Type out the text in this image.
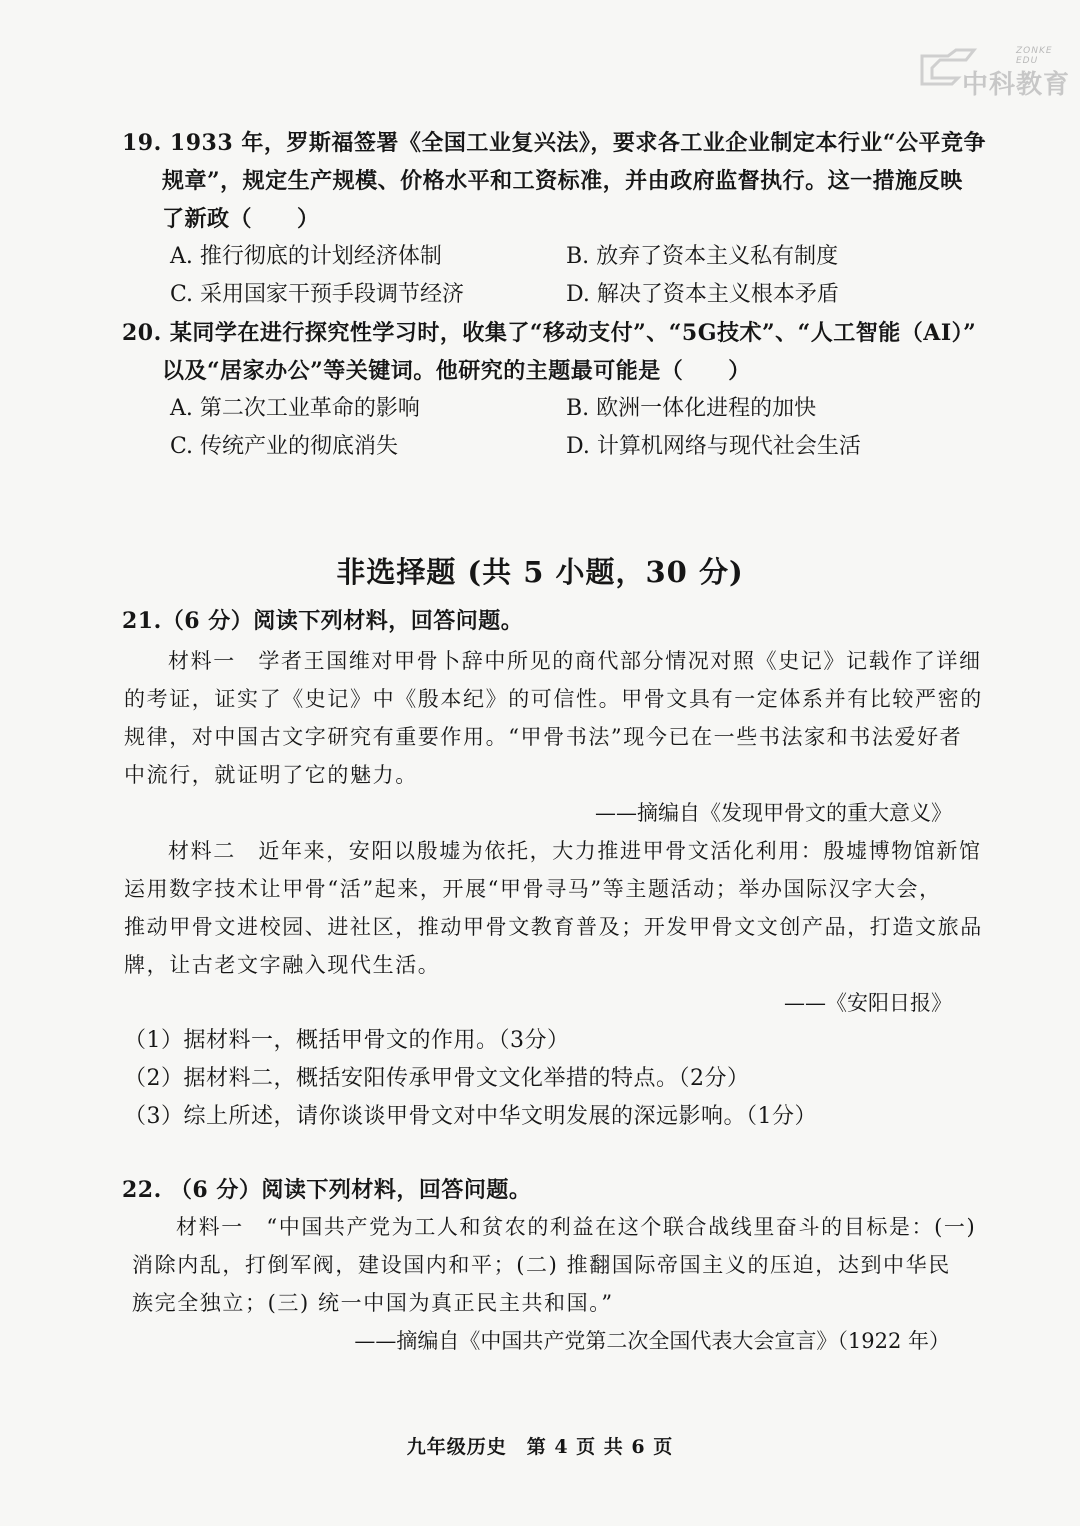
ZONKE EDU
中科教育
19. 1933 年，罗斯福签署《全国工业复兴法》，要求各工业企业制定本行业“公平竞争
规章”，规定生产规模、价格水平和工资标准，并由政府监督执行。这一措施反映
了新政（　　）
A. 推行彻底的计划经济体制	B. 放弃了资本主义私有制度
C. 采用国家干预手段调节经济	D. 解决了资本主义根本矛盾
20. 某同学在进行探究性学习时，收集了“移动支付”、“5G技术”、“人工智能（AI）”
以及“居家办公”等关键词。他研究的主题最可能是（　　）
A. 第二次工业革命的影响	B. 欧洲一体化进程的加快
C. 传统产业的彻底消失	D. 计算机网络与现代社会生活
非选择题 (共 5 小题，30 分)
21.（6 分）阅读下列材料，回答问题。
材料一　学者王国维对甲骨卜辞中所见的商代部分情况对照《史记》记载作了详细
的考证，证实了《史记》中《殷本纪》的可信性。甲骨文具有一定体系并有比较严密的
规律，对中国古文字研究有重要作用。“甲骨书法”现今已在一些书法家和书法爱好者
中流行，就证明了它的魅力。
——摘编自《发现甲骨文的重大意义》
材料二　近年来，安阳以殷墟为依托，大力推进甲骨文活化利用：殷墟博物馆新馆
运用数字技术让甲骨“活”起来，开展“甲骨寻马”等主题活动；举办国际汉字大会，
推动甲骨文进校园、进社区，推动甲骨文教育普及；开发甲骨文文创产品，打造文旅品
牌，让古老文字融入现代生活。
——《安阳日报》
（1）据材料一，概括甲骨文的作用。（3分）
（2）据材料二，概括安阳传承甲骨文文化举措的特点。（2分）
（3）综上所述，请你谈谈甲骨文对中华文明发展的深远影响。（1分）
22. （6 分）阅读下列材料，回答问题。
材料一　“中国共产党为工人和贫农的利益在这个联合战线里奋斗的目标是：(一)
消除内乱，打倒军阀，建设国内和平；(二) 推翻国际帝国主义的压迫，达到中华民
族完全独立；(三) 统一中国为真正民主共和国。”
——摘编自《中国共产党第二次全国代表大会宣言》（1922 年）
九年级历史　第 4 页 共 6 页
